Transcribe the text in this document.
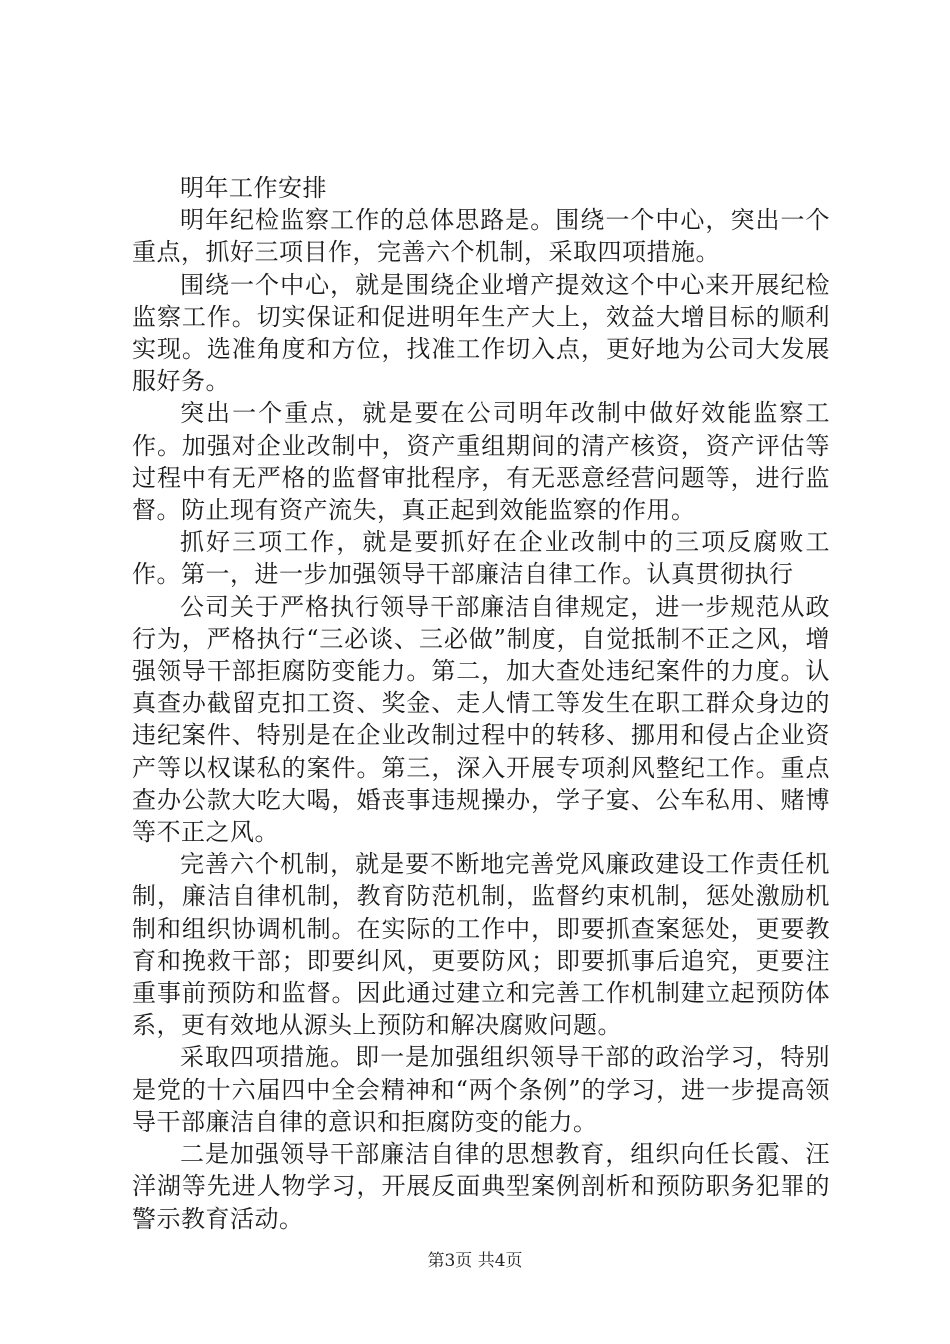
明年工作安排

明年纪检监察工作的总体思路是。围绕一个中心，突出一个重点，抓好三项目作，完善六个机制，采取四项措施。

围绕一个中心，就是围绕企业增产提效这个中心来开展纪检监察工作。切实保证和促进明年生产大上，效益大增目标的顺利实现。选准角度和方位，找准工作切入点，更好地为公司大发展服好务。

突出一个重点，就是要在公司明年改制中做好效能监察工作。加强对企业改制中，资产重组期间的清产核资，资产评估等过程中有无严格的监督审批程序，有无恶意经营问题等，进行监督。防止现有资产流失，真正起到效能监察的作用。

抓好三项工作，就是要抓好在企业改制中的三项反腐败工作。第一，进一步加强领导干部廉洁自律工作。认真贯彻执行

公司关于严格执行领导干部廉洁自律规定，进一步规范从政行为，严格执行“三必谈、三必做”制度，自觉抵制不正之风，增强领导干部拒腐防变能力。第二，加大查处违纪案件的力度。认真查办截留克扣工资、奖金、走人情工等发生在职工群众身边的违纪案件、特别是在企业改制过程中的转移、挪用和侵占企业资产等以权谋私的案件。第三，深入开展专项刹风整纪工作。重点查办公款大吃大喝，婚丧事违规操办，学子宴、公车私用、赌博等不正之风。

完善六个机制，就是要不断地完善党风廉政建设工作责任机制，廉洁自律机制，教育防范机制，监督约束机制，惩处激励机制和组织协调机制。在实际的工作中，即要抓查案惩处，更要教育和挽救干部；即要纠风，更要防风；即要抓事后追究，更要注重事前预防和监督。因此通过建立和完善工作机制建立起预防体系，更有效地从源头上预防和解决腐败问题。

采取四项措施。即一是加强组织领导干部的政治学习，特别是党的十六届四中全会精神和“两个条例”的学习，进一步提高领导干部廉洁自律的意识和拒腐防变的能力。

二是加强领导干部廉洁自律的思想教育，组织向任长霞、汪洋湖等先进人物学习，开展反面典型案例剖析和预防职务犯罪的警示教育活动。

第3页 共4页
